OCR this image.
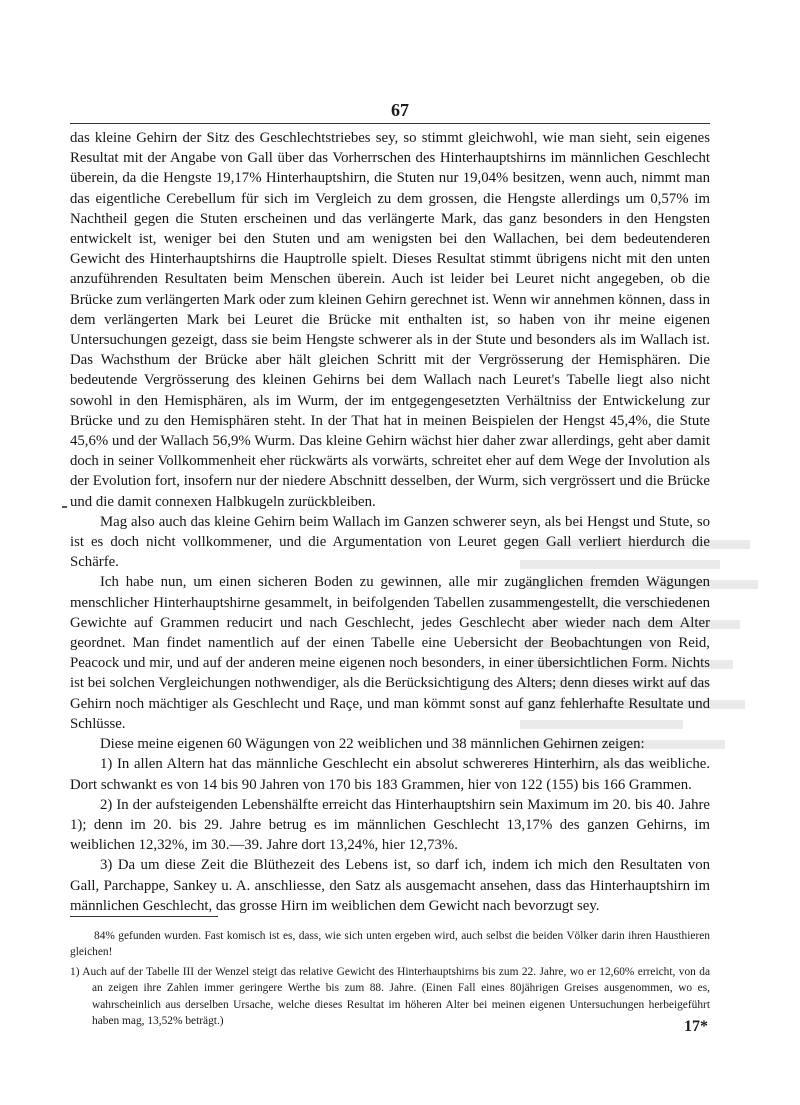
67

das kleine Gehirn der Sitz des Geschlechtstriebes sey, so stimmt gleichwohl, wie man sieht, sein eigenes Resultat mit der Angabe von Gall über das Vorherrschen des Hinterhauptshirns im männlichen Geschlecht überein, da die Hengste 19,17% Hinterhauptshirn, die Stuten nur 19,04% besitzen, wenn auch, nimmt man das eigentliche Cerebellum für sich im Vergleich zu dem grossen, die Hengste allerdings um 0,57% im Nachtheil gegen die Stuten erscheinen und das verlängerte Mark, das ganz besonders in den Hengsten entwickelt ist, weniger bei den Stuten und am wenigsten bei den Wallachen, bei dem bedeutenderen Gewicht des Hinterhauptshirns die Hauptrolle spielt. Dieses Resultat stimmt übrigens nicht mit den unten anzuführenden Resultaten beim Menschen überein. Auch ist leider bei Leuret nicht angegeben, ob die Brücke zum verlängerten Mark oder zum kleinen Gehirn gerechnet ist. Wenn wir annehmen können, dass in dem verlängerten Mark bei Leuret die Brücke mit enthalten ist, so haben von ihr meine eigenen Untersuchungen gezeigt, dass sie beim Hengste schwerer als in der Stute und besonders als im Wallach ist. Das Wachsthum der Brücke aber hält gleichen Schritt mit der Vergrösserung der Hemisphären. Die bedeutende Vergrösserung des kleinen Gehirns bei dem Wallach nach Leuret's Tabelle liegt also nicht sowohl in den Hemisphären, als im Wurm, der im entgegengesetzten Verhältniss der Entwickelung zur Brücke und zu den Hemisphären steht. In der That hat in meinen Beispielen der Hengst 45,4%, die Stute 45,6% und der Wallach 56,9% Wurm. Das kleine Gehirn wächst hier daher zwar allerdings, geht aber damit doch in seiner Vollkommenheit eher rückwärts als vorwärts, schreitet eher auf dem Wege der Involution als der Evolution fort, insofern nur der niedere Abschnitt desselben, der Wurm, sich vergrössert und die Brücke und die damit connexen Halbkugeln zurückbleiben.

Mag also auch das kleine Gehirn beim Wallach im Ganzen schwerer seyn, als bei Hengst und Stute, so ist es doch nicht vollkommener, und die Argumentation von Leuret gegen Gall verliert hierdurch die Schärfe.

Ich habe nun, um einen sicheren Boden zu gewinnen, alle mir zugänglichen fremden Wägungen menschlicher Hinterhauptshirne gesammelt, in beifolgenden Tabellen zusammengestellt, die verschiedenen Gewichte auf Grammen reducirt und nach Geschlecht, jedes Geschlecht aber wieder nach dem Alter geordnet. Man findet namentlich auf der einen Tabelle eine Uebersicht der Beobachtungen von Reid, Peacock und mir, und auf der anderen meine eigenen noch besonders, in einer übersichtlichen Form. Nichts ist bei solchen Vergleichungen nothwendiger, als die Berücksichtigung des Alters; denn dieses wirkt auf das Gehirn noch mächtiger als Geschlecht und Raçe, und man kömmt sonst auf ganz fehlerhafte Resultate und Schlüsse.

Diese meine eigenen 60 Wägungen von 22 weiblichen und 38 männlichen Gehirnen zeigen:

1) In allen Altern hat das männliche Geschlecht ein absolut schwereres Hinterhirn, als das weibliche. Dort schwankt es von 14 bis 90 Jahren von 170 bis 183 Grammen, hier von 122 (155) bis 166 Grammen.

2) In der aufsteigenden Lebenshälfte erreicht das Hinterhauptshirn sein Maximum im 20. bis 40. Jahre 1); denn im 20. bis 29. Jahre betrug es im männlichen Geschlecht 13,17% des ganzen Gehirns, im weiblichen 12,32%, im 30.—39. Jahre dort 13,24%, hier 12,73%.

3) Da um diese Zeit die Blüthezeit des Lebens ist, so darf ich, indem ich mich den Resultaten von Gall, Parchappe, Sankey u. A. anschliesse, den Satz als ausgemacht ansehen, dass das Hinterhauptshirn im männlichen Geschlecht, das grosse Hirn im weiblichen dem Gewicht nach bevorzugt sey.

84% gefunden wurden. Fast komisch ist es, dass, wie sich unten ergeben wird, auch selbst die beiden Völker darin ihren Hausthieren gleichen!

1) Auch auf der Tabelle III der Wenzel steigt das relative Gewicht des Hinterhauptshirns bis zum 22. Jahre, wo er 12,60% erreicht, von da an zeigen ihre Zahlen immer geringere Werthe bis zum 88. Jahre. (Einen Fall eines 80jährigen Greises ausgenommen, wo es, wahrscheinlich aus derselben Ursache, welche dieses Resultat im höheren Alter bei meinen eigenen Untersuchungen herbeigeführt haben mag, 13,52% beträgt.)	17*
